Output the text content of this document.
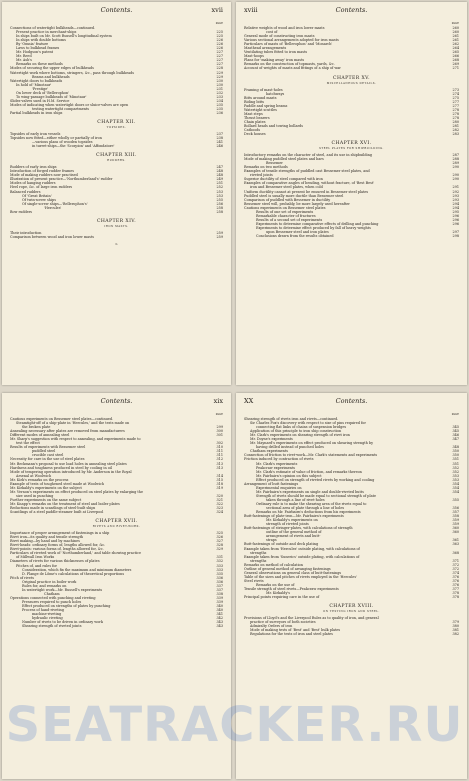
Contents.	xvii
PAGE
Connections of watertight bulkheads—continued.
Present practice in merchant-ships	225
In ships built on Mr. Scott Russell's longitudinal system	225
In ships with double bottoms	226
By 'Omnia' feature	226
Laws to bulkhead frames	226
Mr. Hodgson's patent	227
Mr. Reed	227
Mr. Ash's	227
Remarks on these methods	227
Modes of securing the upper edges of bulkheads	228
Watertight work where bottoms, stringers, &c., pass through bulkheads	229
Beams and bulkheads	229
Watertight doors to bulkheads	230
In hold of 'Minotaur'	230
'Prestige'	231
On lower deck of 'Bellerophon'	232
To wing-passage bulkheads of 'Minotaur'	233
Slides-valves used in H.M. Service	234
Modes of indicating when watertight doors or sluice-valves are open	235
testing watertight compartments	235
Partial bulkheads in iron ships	236
CHAPTER XII.
TOPSIDES.
Topsides of early iron vessels	237
Topsides now fitted—either wholly or partially of iron	238
—various plans of wooden topsides	241
in turret-ships—the 'Scorpion' and 'Affondatore'	246
CHAPTER XIII.
RUDDERS.
Rudders of early iron ships	247
Introduction of forged rudder frames	248
Mode of making rudders now practised	248
Illustration of present practice—'Northumberland's' rudder	249
Modes of hanging rudders	251
Heel rope, &c. of large iron rudders	252
Balanced rudders	253
Of 'Great Britain'	253
Of twin-screw ships	255
Of single-screw ships—'Bellerophon's'	256
'Hercules'	258
Bow rudders	258
CHAPTER XIV.
IRON MASTS.
Their introduction	259
Comparison between wood and iron lower masts	259
b
xviii	Contents.
PAGE
Relative weights of wood and iron lower masts	260
cost of	260
General mode of constructing iron masts	261
Various sectional arrangements adopted for iron masts	261
Particulars of masts of 'Bellerophon' and 'Monarch'	262
Masthead arrangements	264
Ventilating tubes fitted to iron masts	265
Mast-hoops	266
Plans for 'making away' iron masts	268
Remarks on the construction of topmasts, yards, &c.	269
Account of weights of masts and fittings of a ship of war	271
CHAPTER XV.
MISCELLANEOUS DETAILS.
Framing of mast-holes	273
hatchways	274
Bitts around masts	275
Riding bitts	277
Paddle and spring beams	277
Watertight scuttles	278
Mast steps	278
Thrust bearers	278
Chain plates	280
Bollard heads and towing bollards	281
Cathoods	282
Deck houses	283
CHAPTER XVI.
STEEL PLATES FOR SHIPBUILDING.
Introductory remarks on the character of steel, and its use in shipbuilding	287
Mode of making puddled steel plates and bars	288
Bessemer	289
Remarks on two methods	290
Examples of tensile strengths of puddled cast Bessemer steel plates, and
riveted joints	290
Superior ductility of steel compared with iron	290
Examples of comparative angles of bending, without fracture, of 'Best Best'
iron and Bessemer steel plates, when cold	291
Uniform ductility cannot at present be ensured in Bessemer steel plates	292
Puddled steel is usually more ductile than Bessemer steel	293
Comparison of puddled with Bessemer in ductility	293
Bessemer steel will, probably, be more largely used hereafter	294
Cautions experiments on Bessemer steel plates	294
Results of one set of experiments	295
Remarkable character of fractures	296
Results of a second set of experiments	296
Experiments to determine comparative effects of drilling and punching	296
Experiments to determine effect produced by fall of heavy weights
upon Bessemer steel and iron plates	297
Conclusions drawn from the results obtained	298
Contents.	xix
PAGE
Cautious experiments on Bessemer steel plates—continued.
Steamtight-off of a ship-plate in 'Hercules,' and the tests made on
the broken plate	299
Annealing necessary after plates are removed from manufacturers	300
Different modes of annealing steel	301
Mr. Sharp's suggestion with respect to annealing, and experiments made to
test the effect	302
Results of experiments with Bessemer steel	310
puddled steel	311
crucible cast steel	311
Necessity for care in the use of steel plates	312
Mr. Beckmann's proposal to use load holes in annealing steel plates	313
Hardness and toughness produced in steel by cooling in oil	313
Mode of tempering operation introduced by Mr. Anderson in the Royal
Arsenal at Woolwich	314
Mr. Kirk's remarks on the process	315
Example of tests of toughened steel made at Woolwich	318
Mr. Kirkaldy's experiments on the subject	319
Mr. Vernon's experiments on effect produced on steel plates by enlarging the
size used in punching	320
Further experiments on the same subject	321
Mr. Knapp's remarks on the treatment of steel and boiler plates	322
Reductions made in scantlings of steel-built ships	323
Scantlings of a steel paddle-steamer built at Liverpool	324
CHAPTER XVII.
RIVETS AND RIVET-WORK.
Importance of proper arrangement of fastenings in a ship	325
Rivet iron—its quality and tensile strength	326
Rivet making—by hand and by machines	327
Rivet-heads: ordinary forms of, lengths allowed for, &c.	328
Rivet-points: various forms of, lengths allowed for, &c.	329
Particulars of riveted work of 'Northumberland,' and table showing practice
of Millwall Iron Works	331
Diameters of rivets for various thicknesses of plates	332
Pitches of, and rules for	333
Consideration, which fix the maximum and minimum diameters	333
D. Flange de Lôme's calculations of theoretical proportions	335
Pitch of rivets	336
Original practice in boiler work	336
Rules for, and remarks on	337
In watertight work—Mr. Russell's experiments	337
Chatham	338
Operations connected with punching and riveting	339
Pressures required to punch holes	339
Effect produced on strengths of plates by punching	340
Process of hand-riveting	340
machine-riveting	341
hydraulic riveting	342
Number of rivets to be driven in ordinary work	343
Shearing strength of riveted joints	343
XX	Contents.
PAGE
Shearing strength of rivets iron and rivets—continued.
Sir Charles Fox's discovery with respect to size of pins required for
connecting flat links of chains of suspension bridges	345
Application of this principle to iron ship construction	345
Mr. Clark's experiments on shearing strength of rivet iron	346
Mr. Doyne's experiments	347
Mr. Maynard's experiments on effect produced on shearing strength by
having drilled instead of punched holes	348
Chatham experiments	350
Connection of friction to rivet-work—Mr. Clark's statements and experiments	350
Friction induced by contraction of rivets	351
Mr. Clark's experiments	351
Peakcraw experiments	352
Mr. Clark's estimate of value of friction, and remarks thereon	352
Mr. Fairbairn's opinion on this subject	353
Effect produced on strength of riveted rivets by working and cooling	353
Arrangement of butt fastenings	354
Experimental enquiries on	354
Mr. Fairbairn's experiments on single and double-riveted butts	354
Strength of rivets should be made equal to sectional strength of plate
taken through a line of rivet-holes	355
Ordinary rule is to make the shearing area of the rivets equal to
sectional area of plate through a line of holes	356
Remarks on Mr. Fairbairn's deductions from his experiments	357
Butt-fastenings of plate-iron—Mr. Fairbairn's experiments	358
Mr. Kirkaldy's experiments on	359
strength of riveted joints	359
Butt-fastenings of stringer-plates, with calculations of strength	360
outline of the general method of	360
arrangement of rivets and butt-
straps	361
Butt-fastenings of outside and deck plating	363
Example taken from 'Hercules' outside plating, with calculations of
strengths	368
Example taken from 'Sunerics' outside plating, with calculations of
strengths	371
Remarks on method of calculation	372
Outline of general method of arranging fastenings	372
General observations on general class of butt-fastenings	374
Table of the sizes and pitches of rivets employed in the 'Hercules'	376
Steel rivets	376
Remarks on the use of	376
Tensile strength of steel rivets—Peakcraw experiments	377
Mr. Kirkaldy's	378
Principal points requiring care in the use of	378
CHAPTER XVIII.
ON TESTING IRON AND STEEL.
Provisions of Lloyd's and the Liverpool Rules as to quality of iron, and general
practice of surveyors of both societies	379
Admiralty Orders of iron	380
Mode of making tests of 'Best' and 'Best' bulk plates	381
Regulations for the tests of iron and steel plates	382
SEATRACKER.RU
